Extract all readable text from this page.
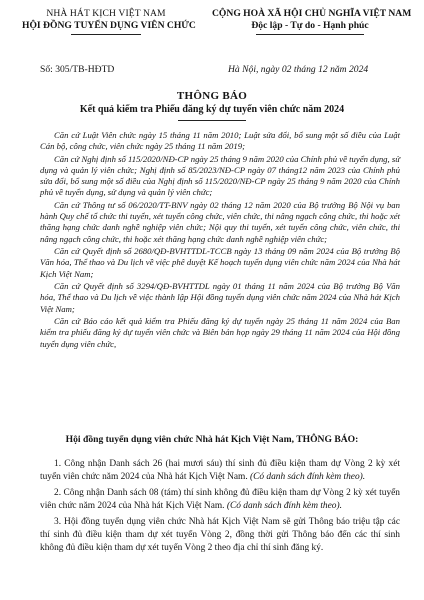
NHÀ HÁT KỊCH VIỆT NAM
HỘI ĐỒNG TUYỂN DỤNG VIÊN CHỨC
CỘNG HOÀ XÃ HỘI CHỦ NGHĨA VIỆT NAM
Độc lập - Tự do - Hạnh phúc
Số: 305/TB-HĐTD	Hà Nội, ngày 02 tháng 12 năm 2024
THÔNG BÁO
Kết quả kiểm tra Phiếu đăng ký dự tuyển viên chức năm 2024

Căn cứ Luật Viên chức ngày 15 tháng 11 năm 2010; Luật sửa đổi, bổ sung một số điều của Luật Cán bộ, công chức, viên chức ngày 25 tháng 11 năm 2019;

Căn cứ Nghị định số 115/2020/NĐ-CP ngày 25 tháng 9 năm 2020 của Chính phủ về tuyển dụng, sử dụng và quản lý viên chức; Nghị định số 85/2023/NĐ-CP ngày 07 tháng12 năm 2023 của Chính phủ sửa đổi, bổ sung một số điều của Nghị định số 115/2020/NĐ-CP ngày 25 tháng 9 năm 2020 của Chính phủ về tuyển dụng, sử dụng và quản lý viên chức;

Căn cứ Thông tư số 06/2020/TT-BNV ngày 02 tháng 12 năm 2020 của Bộ trưởng Bộ Nội vụ ban hành Quy chế tổ chức thi tuyển, xét tuyển công chức, viên chức, thi nâng ngạch công chức, thi hoặc xét thăng hạng chức danh nghề nghiệp viên chức; Nội quy thi tuyển, xét tuyển công chức, viên chức, thi nâng ngạch công chức, thi hoặc xét thăng hạng chức danh nghề nghiệp viên chức;

Căn cứ Quyết định số 2680/QĐ-BVHTTDL-TCCB ngày 13 tháng 09 năm 2024 của Bộ trưởng Bộ Văn hóa, Thể thao và Du lịch về việc phê duyệt Kế hoạch tuyển dụng viên chức năm 2024 của Nhà hát Kịch Việt Nam;

Căn cứ Quyết định số 3294/QĐ-BVHTTDL ngày 01 tháng 11 năm 2024 của Bộ trưởng Bộ Văn hóa, Thể thao và Du lịch về việc thành lập Hội đồng tuyển dụng viên chức năm 2024 của Nhà hát Kịch Việt Nam;

Căn cứ Báo cáo kết quả kiểm tra Phiếu đăng ký dự tuyển ngày 25 tháng 11 năm 2024 của Ban kiểm tra phiếu đăng ký dự tuyển viên chức và Biên bản họp ngày 29 tháng 11 năm 2024 của Hội đồng tuyển dụng viên chức,

Hội đồng tuyển dụng viên chức Nhà hát Kịch Việt Nam, THÔNG BÁO:

1. Công nhận Danh sách 26 (hai mươi sáu) thí sinh đủ điều kiện tham dự Vòng 2 kỳ xét tuyển viên chức năm 2024 của Nhà hát Kịch Việt Nam. (Có danh sách đính kèm theo).

2. Công nhận Danh sách 08 (tám) thí sinh không đủ điều kiện tham dự Vòng 2 kỳ xét tuyển viên chức năm 2024 của Nhà hát Kịch Việt Nam. (Có danh sách đính kèm theo).

3. Hội đồng tuyển dụng viên chức Nhà hát Kịch Việt Nam sẽ gửi Thông báo triệu tập các thí sinh đủ điều kiện tham dự xét tuyển Vòng 2, đồng thời gửi Thông báo đến các thí sinh không đủ điều kiện tham dự xét tuyển Vòng 2 theo địa chỉ thí sinh đăng ký.
